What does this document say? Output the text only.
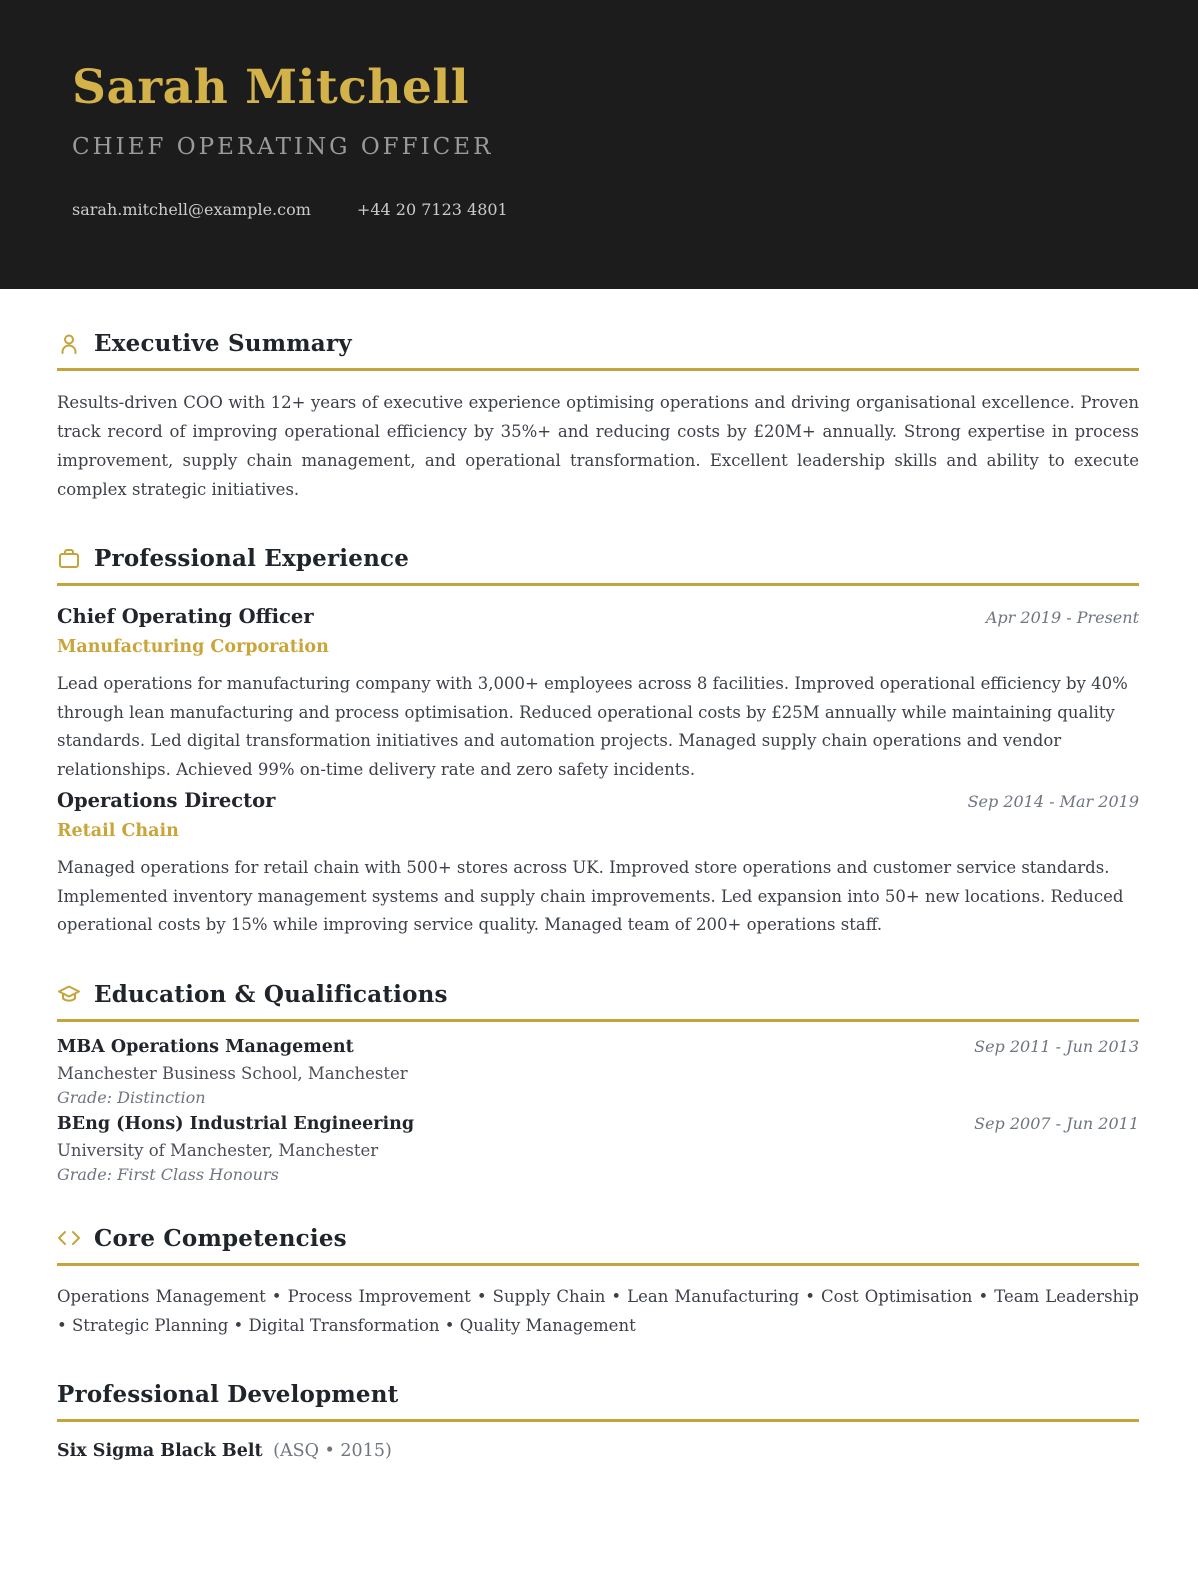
Sarah Mitchell
CHIEF OPERATING OFFICER
sarah.mitchell@example.com	+44 20 7123 4801
Executive Summary

Results-driven COO with 12+ years of executive experience optimising operations and driving organisational excellence. Proven track record of improving operational efficiency by 35%+ and reducing costs by £20M+ annually. Strong expertise in process improvement, supply chain management, and operational transformation. Excellent leadership skills and ability to execute complex strategic initiatives.

Professional Experience
Chief Operating Officer	Apr 2019 - Present
Manufacturing Corporation

Lead operations for manufacturing company with 3,000+ employees across 8 facilities. Improved operational efficiency by 40% through lean manufacturing and process optimisation. Reduced operational costs by £25M annually while maintaining quality standards. Led digital transformation initiatives and automation projects. Managed supply chain operations and vendor relationships. Achieved 99% on-time delivery rate and zero safety incidents.

Operations Director	Sep 2014 - Mar 2019
Retail Chain

Managed operations for retail chain with 500+ stores across UK. Improved store operations and customer service standards. Implemented inventory management systems and supply chain improvements. Led expansion into 50+ new locations. Reduced operational costs by 15% while improving service quality. Managed team of 200+ operations staff.

Education & Qualifications
MBA Operations Management	Sep 2011 - Jun 2013
Manchester Business School, Manchester
Grade: Distinction
BEng (Hons) Industrial Engineering	Sep 2007 - Jun 2011
University of Manchester, Manchester
Grade: First Class Honours
Core Competencies

Operations Management • Process Improvement • Supply Chain • Lean Manufacturing • Cost Optimisation • Team Leadership • Strategic Planning • Digital Transformation • Quality Management

Professional Development
Six Sigma Black Belt (ASQ • 2015)
